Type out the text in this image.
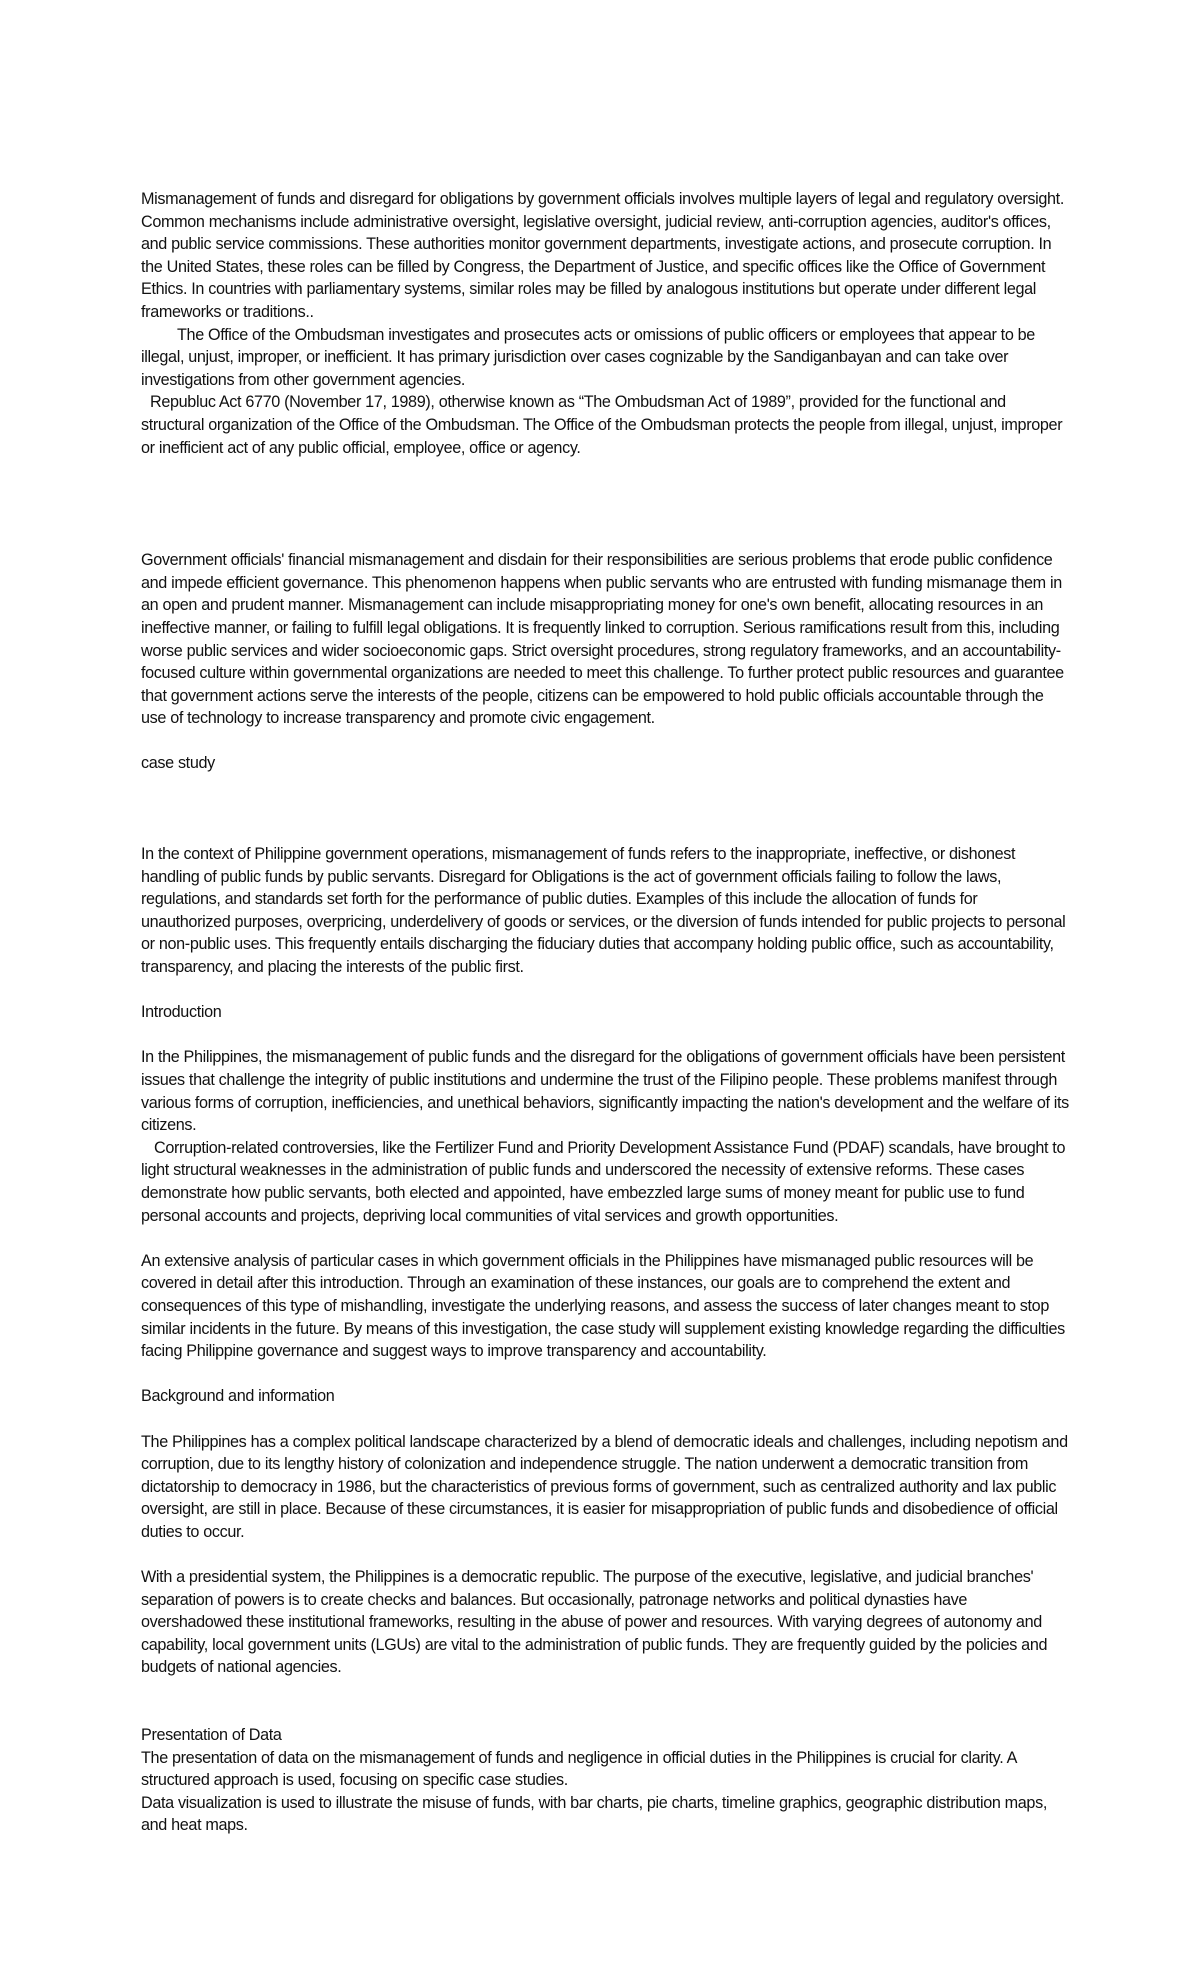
Mismanagement of funds and disregard for obligations by government officials involves multiple layers of legal and regulatory oversight. Common mechanisms include administrative oversight, legislative oversight, judicial review, anti-corruption agencies, auditor's offices, and public service commissions. These authorities monitor government departments, investigate actions, and prosecute corruption. In the United States, these roles can be filled by Congress, the Department of Justice, and specific offices like the Office of Government Ethics. In countries with parliamentary systems, similar roles may be filled by analogous institutions but operate under different legal frameworks or traditions..

The Office of the Ombudsman investigates and prosecutes acts or omissions of public officers or employees that appear to be illegal, unjust, improper, or inefficient. It has primary jurisdiction over cases cognizable by the Sandiganbayan and can take over investigations from other government agencies.

Republuc Act 6770 (November 17, 1989), otherwise known as “The Ombudsman Act of 1989”, provided for the functional and structural organization of the Office of the Ombudsman. The Office of the Ombudsman protects the people from illegal, unjust, improper or inefficient act of any public official, employee, office or agency.

Government officials' financial mismanagement and disdain for their responsibilities are serious problems that erode public confidence and impede efficient governance. This phenomenon happens when public servants who are entrusted with funding mismanage them in an open and prudent manner. Mismanagement can include misappropriating money for one's own benefit, allocating resources in an ineffective manner, or failing to fulfill legal obligations. It is frequently linked to corruption. Serious ramifications result from this, including worse public services and wider socioeconomic gaps. Strict oversight procedures, strong regulatory frameworks, and an accountability-focused culture within governmental organizations are needed to meet this challenge. To further protect public resources and guarantee that government actions serve the interests of the people, citizens can be empowered to hold public officials accountable through the use of technology to increase transparency and promote civic engagement.

case study

In the context of Philippine government operations, mismanagement of funds refers to the inappropriate, ineffective, or dishonest handling of public funds by public servants. Disregard for Obligations is the act of government officials failing to follow the laws, regulations, and standards set forth for the performance of public duties. Examples of this include the allocation of funds for unauthorized purposes, overpricing, underdelivery of goods or services, or the diversion of funds intended for public projects to personal or non-public uses. This frequently entails discharging the fiduciary duties that accompany holding public office, such as accountability, transparency, and placing the interests of the public first.

Introduction

In the Philippines, the mismanagement of public funds and the disregard for the obligations of government officials have been persistent issues that challenge the integrity of public institutions and undermine the trust of the Filipino people. These problems manifest through various forms of corruption, inefficiencies, and unethical behaviors, significantly impacting the nation's development and the welfare of its citizens.

Corruption-related controversies, like the Fertilizer Fund and Priority Development Assistance Fund (PDAF) scandals, have brought to light structural weaknesses in the administration of public funds and underscored the necessity of extensive reforms. These cases demonstrate how public servants, both elected and appointed, have embezzled large sums of money meant for public use to fund personal accounts and projects, depriving local communities of vital services and growth opportunities.

An extensive analysis of particular cases in which government officials in the Philippines have mismanaged public resources will be covered in detail after this introduction. Through an examination of these instances, our goals are to comprehend the extent and consequences of this type of mishandling, investigate the underlying reasons, and assess the success of later changes meant to stop similar incidents in the future. By means of this investigation, the case study will supplement existing knowledge regarding the difficulties facing Philippine governance and suggest ways to improve transparency and accountability.

Background and information

The Philippines has a complex political landscape characterized by a blend of democratic ideals and challenges, including nepotism and corruption, due to its lengthy history of colonization and independence struggle. The nation underwent a democratic transition from dictatorship to democracy in 1986, but the characteristics of previous forms of government, such as centralized authority and lax public oversight, are still in place. Because of these circumstances, it is easier for misappropriation of public funds and disobedience of official duties to occur.

With a presidential system, the Philippines is a democratic republic. The purpose of the executive, legislative, and judicial branches' separation of powers is to create checks and balances. But occasionally, patronage networks and political dynasties have overshadowed these institutional frameworks, resulting in the abuse of power and resources. With varying degrees of autonomy and capability, local government units (LGUs) are vital to the administration of public funds. They are frequently guided by the policies and budgets of national agencies.

Presentation of Data

The presentation of data on the mismanagement of funds and negligence in official duties in the Philippines is crucial for clarity. A structured approach is used, focusing on specific case studies.

Data visualization is used to illustrate the misuse of funds, with bar charts, pie charts, timeline graphics, geographic distribution maps, and heat maps.
